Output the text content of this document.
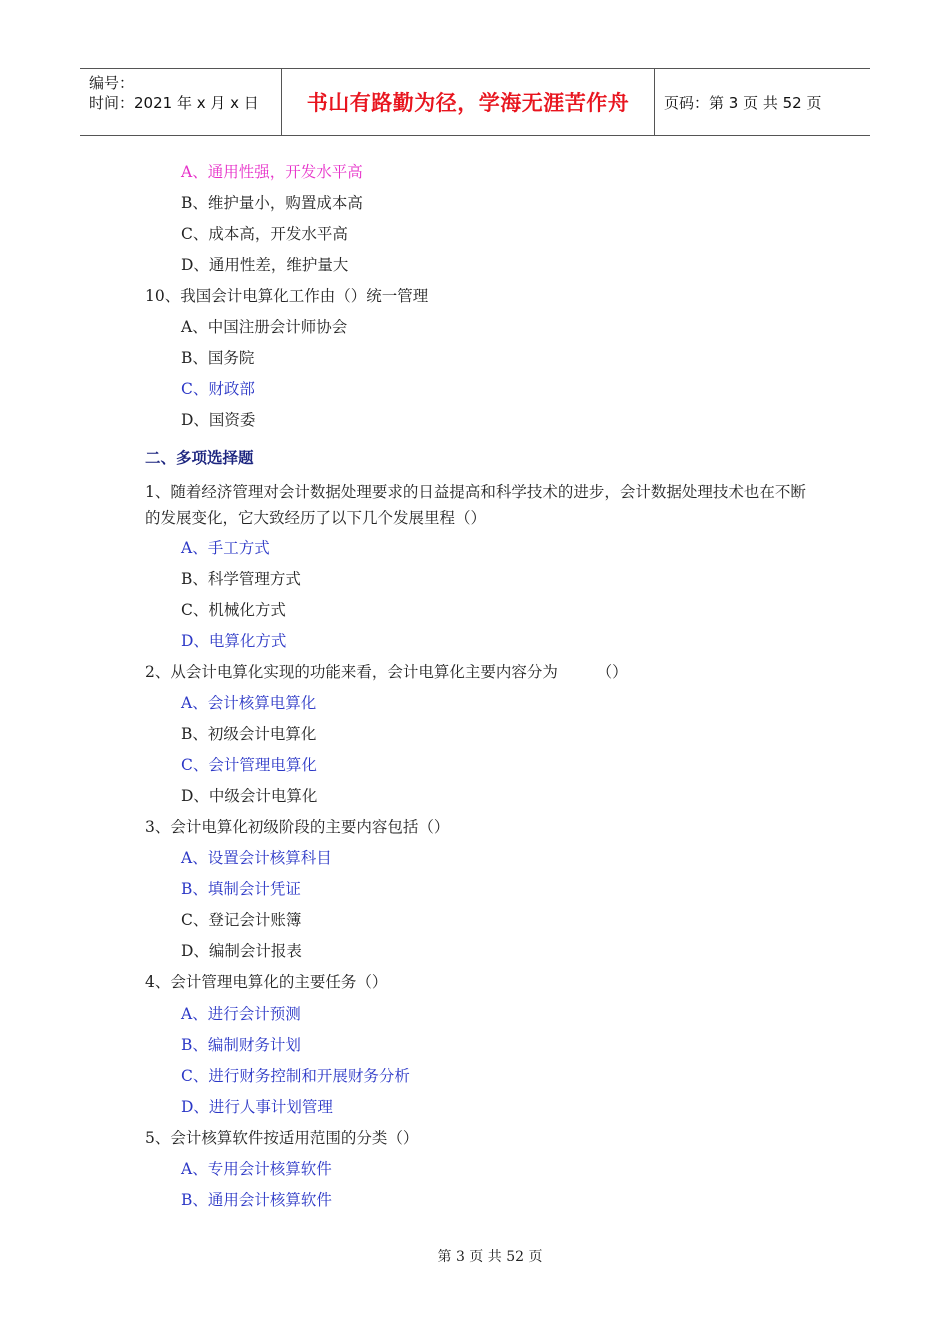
编号：
时间：2021 年 x 月 x 日	书山有路勤为径，学海无涯苦作舟	页码：第 3 页 共 52 页
A、通用性强，开发水平高
B、维护量小，购置成本高
C、成本高，开发水平高
D、通用性差，维护量大
10、我国会计电算化工作由（）统一管理
A、中国注册会计师协会
B、国务院
C、财政部
D、国资委
二、多项选择题
1、随着经济管理对会计数据处理要求的日益提高和科学技术的进步，会计数据处理技术也在不断的发展变化，它大致经历了以下几个发展里程（）
A、手工方式
B、科学管理方式
C、机械化方式
D、电算化方式
2、从会计电算化实现的功能来看，会计电算化主要内容分为　　　（）
A、会计核算电算化
B、初级会计电算化
C、会计管理电算化
D、中级会计电算化
3、会计电算化初级阶段的主要内容包括（）
A、设置会计核算科目
B、填制会计凭证
C、登记会计账簿
D、编制会计报表
4、会计管理电算化的主要任务（）
A、进行会计预测
B、编制财务计划
C、进行财务控制和开展财务分析
D、进行人事计划管理
5、会计核算软件按适用范围的分类（）
A、专用会计核算软件
B、通用会计核算软件
第 3 页 共 52 页
